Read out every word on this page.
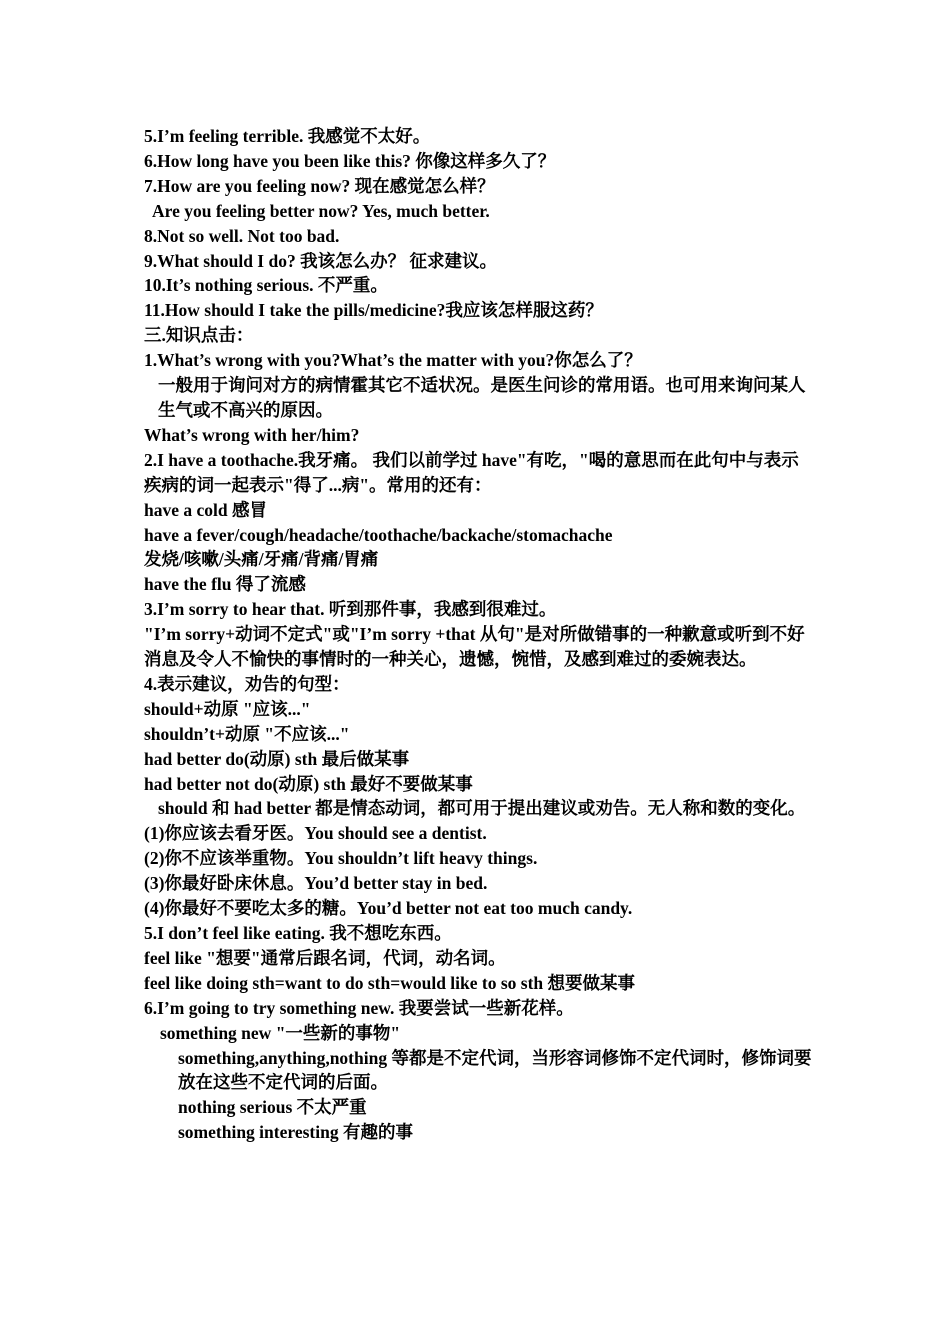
5.I’m feeling terrible. 我感觉不太好。
6.How long have you been like this? 你像这样多久了？
7.How are you feeling now? 现在感觉怎么样？
Are you feeling better now? Yes, much better.
8.Not so well. Not too bad.
9.What should I do? 我该怎么办？ 征求建议。
10.It’s nothing serious. 不严重。
11.How should I take the pills/medicine?我应该怎样服这药？
三.知识点击：
1.What’s wrong with you?What’s the matter with you?你怎么了？
一般用于询问对方的病情霍其它不适状况。是医生问诊的常用语。也可用来询问某人生气或不高兴的原因。
What’s wrong with her/him?
2.I have a toothache.我牙痛。 我们以前学过 have"有吃，"喝的意思而在此句中与表示疾病的词一起表示"得了...病"。常用的还有：
have a cold 感冒
have a fever/cough/headache/toothache/backache/stomachache
发烧/咳嗽/头痛/牙痛/背痛/胃痛
have the flu 得了流感
3.I’m sorry to hear that. 听到那件事，我感到很难过。
"I’m sorry+动词不定式"或"I’m sorry +that 从句"是对所做错事的一种歉意或听到不好消息及令人不愉快的事情时的一种关心，遗憾，惋惜，及感到难过的委婉表达。
4.表示建议，劝告的句型：
should+动原 "应该..."
shouldn’t+动原 "不应该..."
had better do(动原) sth 最后做某事
had better not do(动原) sth 最好不要做某事
should 和 had better 都是情态动词，都可用于提出建议或劝告。无人称和数的变化。
(1)你应该去看牙医。You should see a dentist.
(2)你不应该举重物。You shouldn’t lift heavy things.
(3)你最好卧床休息。You’d better stay in bed.
(4)你最好不要吃太多的糖。You’d better not eat too much candy.
5.I don’t feel like eating. 我不想吃东西。
feel like "想要"通常后跟名词，代词，动名词。
feel like doing sth=want to do sth=would like to so sth 想要做某事
6.I’m going to try something new. 我要尝试一些新花样。
something new "一些新的事物"
something,anything,nothing 等都是不定代词，当形容词修饰不定代词时，修饰词要放在这些不定代词的后面。
nothing serious 不太严重
something interesting 有趣的事
